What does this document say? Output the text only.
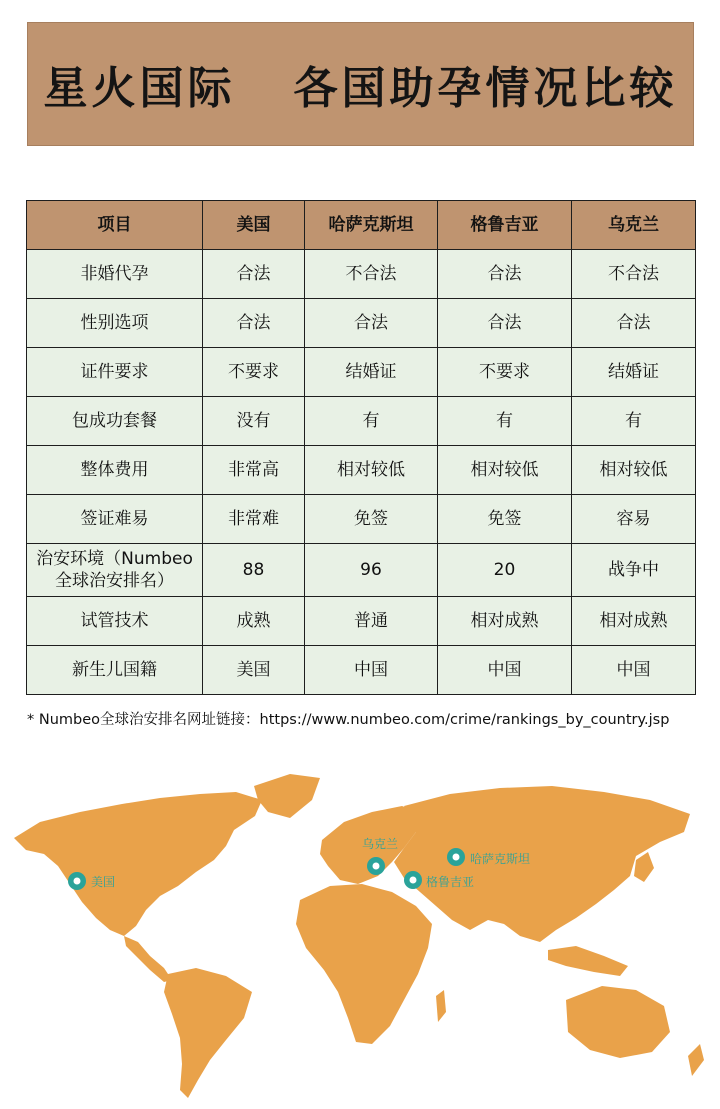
星火国际   各国助孕情况比较
项目	美国	哈萨克斯坦	格鲁吉亚	乌克兰
非婚代孕	合法	不合法	合法	不合法
性别选项	合法	合法	合法	合法
证件要求	不要求	结婚证	不要求	结婚证
包成功套餐	没有	有	有	有
整体费用	非常高	相对较低	相对较低	相对较低
签证难易	非常难	免签	免签	容易
治安环境（Numbeo全球治安排名）	88	96	20	战争中
试管技术	成熟	普通	相对成熟	相对成熟
新生儿国籍	美国	中国	中国	中国
* Numbeo全球治安排名网址链接：https://www.numbeo.com/crime/rankings_by_country.jsp
美国
乌克兰
哈萨克斯坦
格鲁吉亚
